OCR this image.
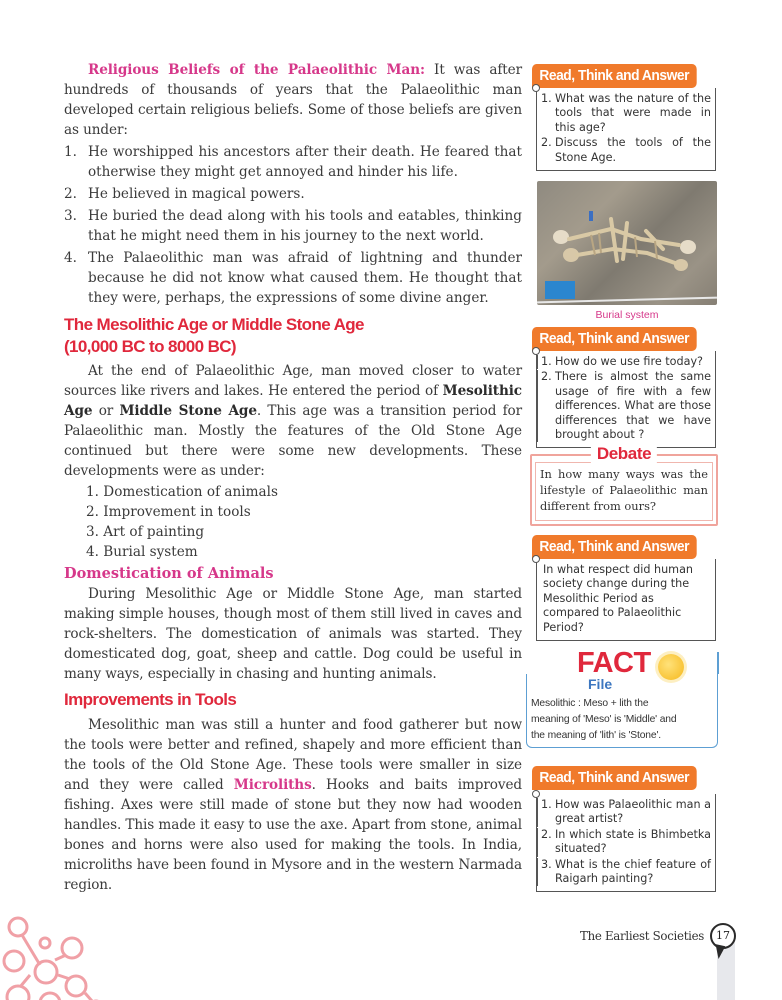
Religious Beliefs of the Palaeolithic Man: It was after hundreds of thousands of years that the Palaeolithic man developed certain religious beliefs. Some of those beliefs are given as under:

1. He worshipped his ancestors after their death. He feared that otherwise they might get annoyed and hinder his life.
2. He believed in magical powers.
3. He buried the dead along with his tools and eatables, thinking that he might need them in his journey to the next world.
4. The Palaeolithic man was afraid of lightning and thunder because he did not know what caused them. He thought that they were, perhaps, the expressions of some divine anger.
The Mesolithic Age or Middle Stone Age
(10,000 BC to 8000 BC)

At the end of Palaeolithic Age, man moved closer to water sources like rivers and lakes. He entered the period of Mesolithic Age or Middle Stone Age. This age was a transition period for Palaeolithic man. Mostly the features of the Old Stone Age continued but there were some new developments. These developments were as under:

1. Domestication of animals
2. Improvement in tools
3. Art of painting
4. Burial system
Domestication of Animals

During Mesolithic Age or Middle Stone Age, man started making simple houses, though most of them still lived in caves and rock-shelters. The domestication of animals was started. They domesticated dog, goat, sheep and cattle. Dog could be useful in many ways, especially in chasing and hunting animals.

Improvements in Tools

Mesolithic man was still a hunter and food gatherer but now the tools were better and refined, shapely and more efficient than the tools of the Old Stone Age. These tools were smaller in size and they were called Microliths. Hooks and baits improved fishing. Axes were still made of stone but they now had wooden handles. This made it easy to use the axe. Apart from stone, animal bones and horns were also used for making the tools. In India, microliths have been found in Mysore and in the western Narmada region.

Read, Think and Answer
1. What was the nature of the tools that were made in this age?
2. Discuss the tools of the Stone Age.
Burial system
Read, Think and Answer
1. How do we use fire today?
2. There is almost the same usage of fire with a few differences. What are those differences that we have brought about ?
In how many ways was the lifestyle of Palaeolithic man different from ours?
Debate
Read, Think and Answer
In what respect did human society change during the Mesolithic Period as compared to Palaeolithic Period?
FACT
File
Mesolithic : Meso + lith the
meaning of 'Meso' is 'Middle' and
the meaning of 'lith' is 'Stone'.
Read, Think and Answer
1. How was Palaeolithic man a great artist?
2. In which state is Bhimbetka situated?
3. What is the chief feature of Raigarh painting?
The Earliest Societies	17
